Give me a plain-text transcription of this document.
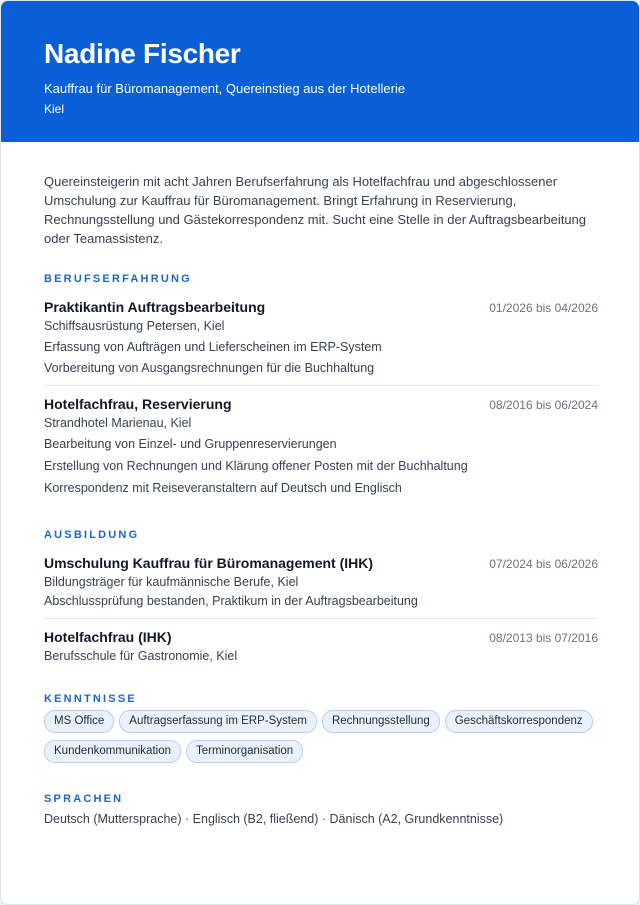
Nadine Fischer
Kauffrau für Büromanagement, Quereinstieg aus der Hotellerie
Kiel

Quereinsteigerin mit acht Jahren Berufserfahrung als Hotelfachfrau und abgeschlossener Umschulung zur Kauffrau für Büromanagement. Bringt Erfahrung in Reservierung, Rechnungsstellung und Gästekorrespondenz mit. Sucht eine Stelle in der Auftragsbearbeitung oder Teamassistenz.

BERUFSERFAHRUNG
Praktikantin Auftragsbearbeitung	01/2026 bis 04/2026
Schiffsausrüstung Petersen, Kiel
Erfassung von Aufträgen und Lieferscheinen im ERP-System
Vorbereitung von Ausgangsrechnungen für die Buchhaltung
Hotelfachfrau, Reservierung	08/2016 bis 06/2024
Strandhotel Marienau, Kiel
Bearbeitung von Einzel- und Gruppenreservierungen
Erstellung von Rechnungen und Klärung offener Posten mit der Buchhaltung
Korrespondenz mit Reiseveranstaltern auf Deutsch und Englisch
AUSBILDUNG
Umschulung Kauffrau für Büromanagement (IHK)	07/2024 bis 06/2026
Bildungsträger für kaufmännische Berufe, Kiel
Abschlussprüfung bestanden, Praktikum in der Auftragsbearbeitung
Hotelfachfrau (IHK)	08/2013 bis 07/2016
Berufsschule für Gastronomie, Kiel
KENNTNISSE
MS Office	Auftragserfassung im ERP-System	Rechnungsstellung	Geschäftskorrespondenz
Kundenkommunikation	Terminorganisation
SPRACHEN
Deutsch (Muttersprache) · Englisch (B2, fließend) · Dänisch (A2, Grundkenntnisse)
